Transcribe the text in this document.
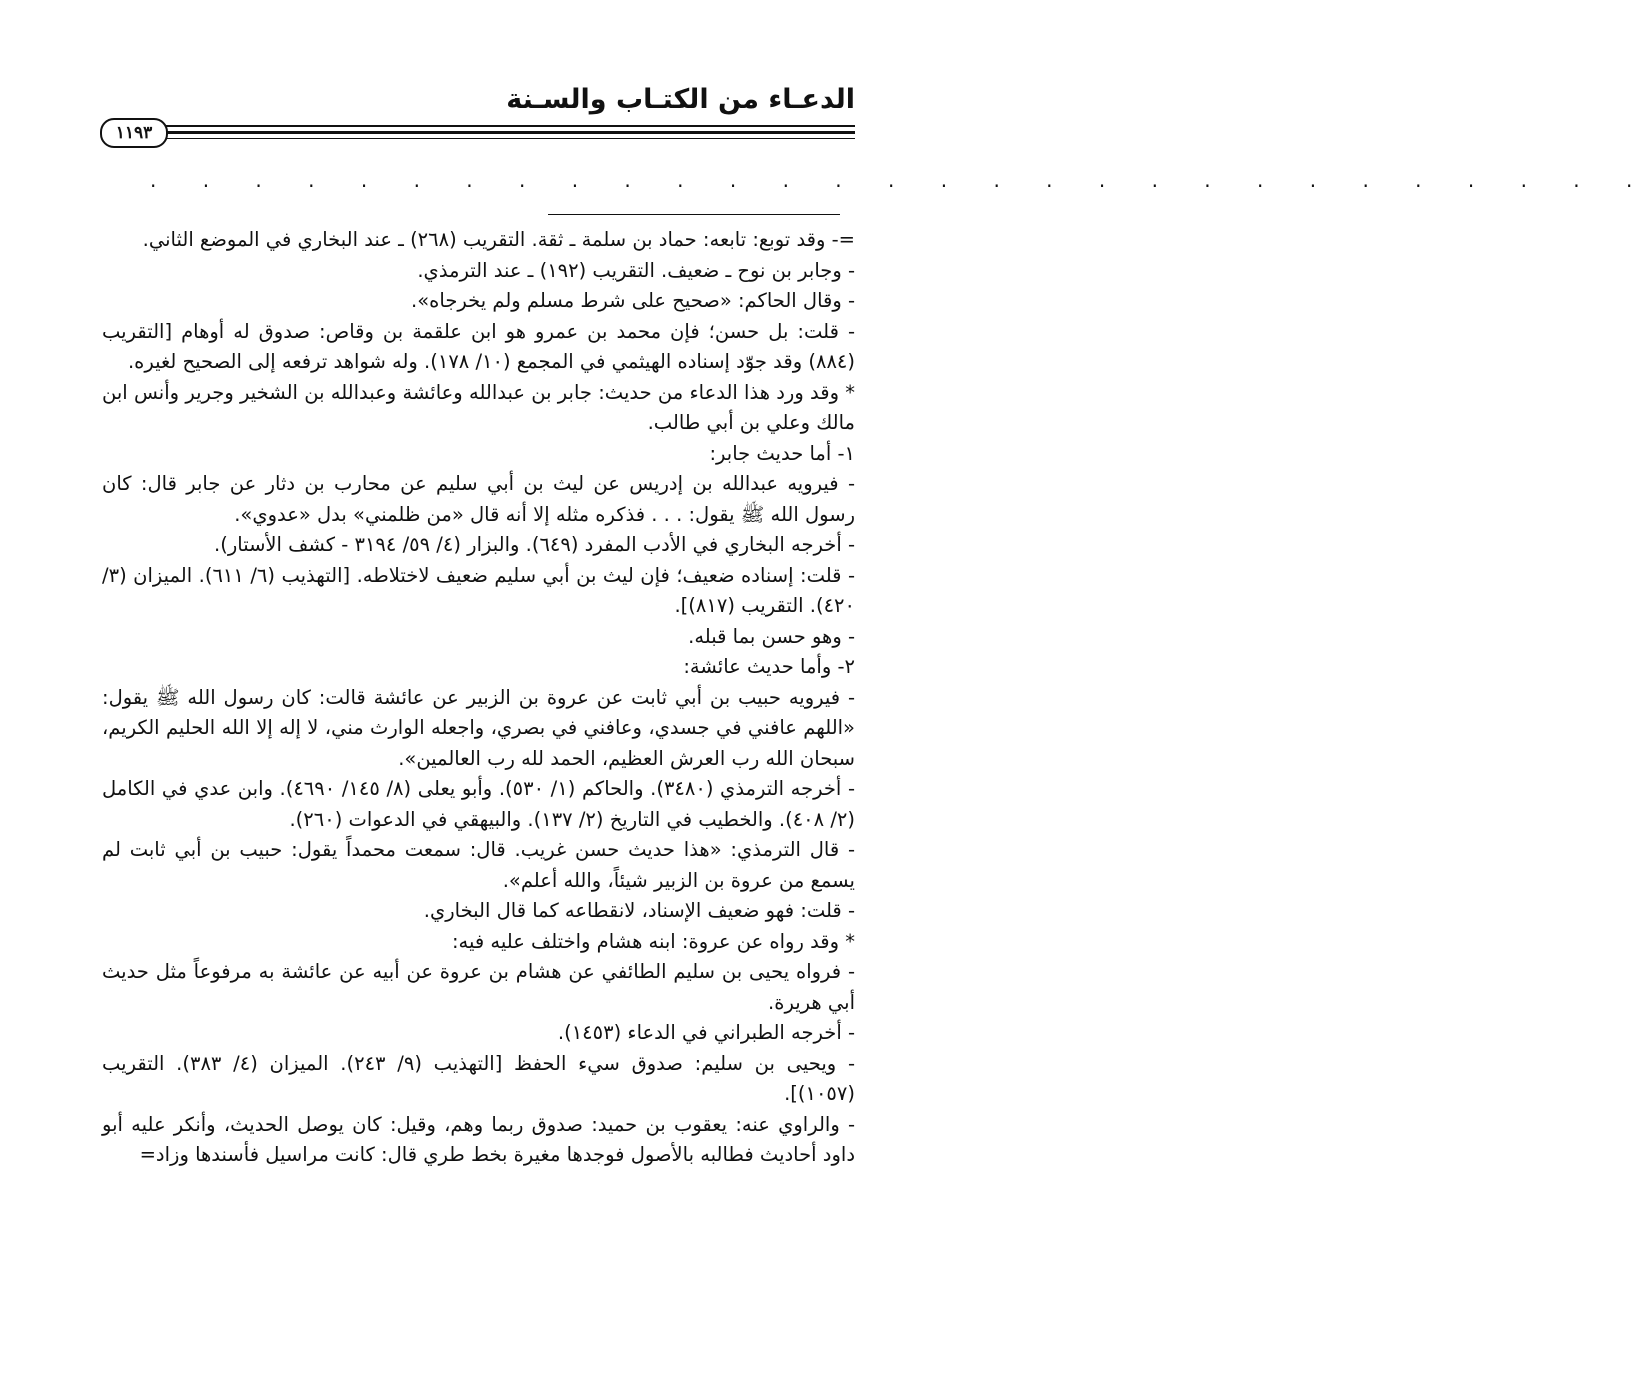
الدعـاء من الكتـاب والسـنة
١١٩٣
. . . . . . . . . . . . . . . . . . . . . . . . . . . . .

=- وقد توبع: تابعه: حماد بن سلمة ـ ثقة. التقريب (٢٦٨) ـ عند البخاري في الموضع الثاني.

- وجابر بن نوح ـ ضعيف. التقريب (١٩٢) ـ عند الترمذي.

- وقال الحاكم: «صحيح على شرط مسلم ولم يخرجاه».

- قلت: بل حسن؛ فإن محمد بن عمرو هو ابن علقمة بن وقاص: صدوق له أوهام [التقريب (٨٨٤) وقد جوّد إسناده الهيثمي في المجمع (١٠/ ١٧٨). وله شواهد ترفعه إلى الصحيح لغيره.

* وقد ورد هذا الدعاء من حديث: جابر بن عبدالله وعائشة وعبدالله بن الشخير وجرير وأنس ابن مالك وعلي بن أبي طالب.

١- أما حديث جابر:

- فيرويه عبدالله بن إدريس عن ليث بن أبي سليم عن محارب بن دثار عن جابر قال: كان رسول الله ﷺ يقول: . . . فذكره مثله إلا أنه قال «من ظلمني» بدل «عدوي».

- أخرجه البخاري في الأدب المفرد (٦٤٩). والبزار (٤/ ٥٩/ ٣١٩٤ - كشف الأستار).

- قلت: إسناده ضعيف؛ فإن ليث بن أبي سليم ضعيف لاختلاطه. [التهذيب (٦/ ٦١١). الميزان (٣/ ٤٢٠). التقريب (٨١٧)].

- وهو حسن بما قبله.

٢- وأما حديث عائشة:

- فيرويه حبيب بن أبي ثابت عن عروة بن الزبير عن عائشة قالت: كان رسول الله ﷺ يقول: «اللهم عافني في جسدي، وعافني في بصري، واجعله الوارث مني، لا إله إلا الله الحليم الكريم، سبحان الله رب العرش العظيم، الحمد لله رب العالمين».

- أخرجه الترمذي (٣٤٨٠). والحاكم (١/ ٥٣٠). وأبو يعلى (٨/ ١٤٥/ ٤٦٩٠). وابن عدي في الكامل (٢/ ٤٠٨). والخطيب في التاريخ (٢/ ١٣٧). والبيهقي في الدعوات (٢٦٠).

- قال الترمذي: «هذا حديث حسن غريب. قال: سمعت محمداً يقول: حبيب بن أبي ثابت لم يسمع من عروة بن الزبير شيئاً، والله أعلم».

- قلت: فهو ضعيف الإسناد، لانقطاعه كما قال البخاري.

* وقد رواه عن عروة: ابنه هشام واختلف عليه فيه:

- فرواه يحيى بن سليم الطائفي عن هشام بن عروة عن أبيه عن عائشة به مرفوعاً مثل حديث أبي هريرة.

- أخرجه الطبراني في الدعاء (١٤٥٣).

- ويحيى بن سليم: صدوق سيء الحفظ [التهذيب (٩/ ٢٤٣). الميزان (٤/ ٣٨٣). التقريب (١٠٥٧)].

- والراوي عنه: يعقوب بن حميد: صدوق ربما وهم، وقيل: كان يوصل الحديث، وأنكر عليه أبو داود أحاديث فطالبه بالأصول فوجدها مغيرة بخط طري قال: كانت مراسيل فأسندها وزاد=
